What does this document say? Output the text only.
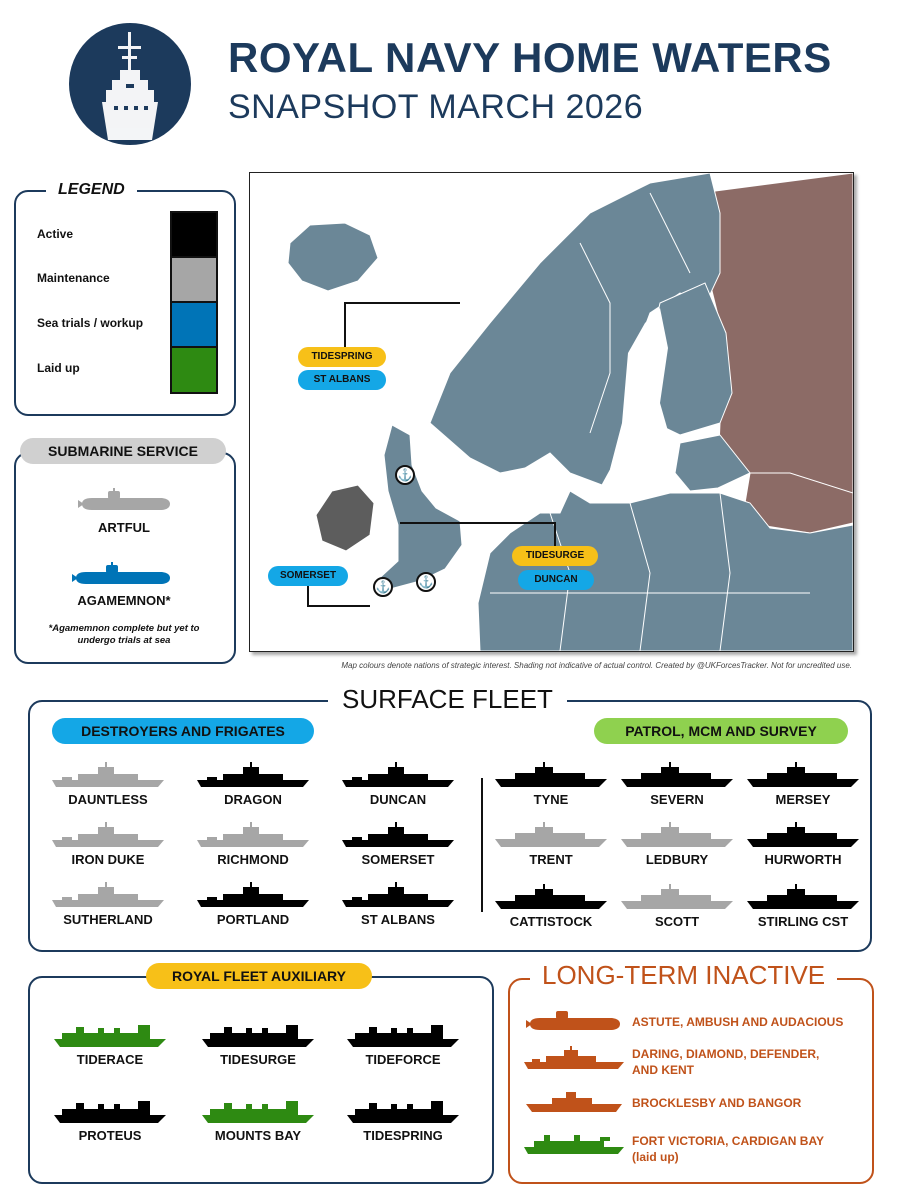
ROYAL NAVY HOME WATERS
SNAPSHOT MARCH 2026
LEGEND
Active
Maintenance
Sea trials / workup
Laid up
SUBMARINE SERVICE
ARTFUL
AGAMEMNON*
*Agamemnon complete but yet to undergo trials at sea
⚓
⚓ ⚓
TIDESPRING
ST ALBANS
SOMERSET
TIDESURGE
DUNCAN
Map colours denote nations of strategic interest. Shading not indicative of actual control. Created by @UKForcesTracker. Not for uncredited use.
SURFACE FLEET
DESTROYERS AND FRIGATES	PATROL, MCM AND SURVEY
DAUNTLESS	DRAGON	DUNCAN
IRON DUKE	RICHMOND	SOMERSET
SUTHERLAND	PORTLAND	ST ALBANS
TYNE	SEVERN	MERSEY
TRENT	LEDBURY	HURWORTH
CATTISTOCK	SCOTT	STIRLING CST
ROYAL FLEET AUXILIARY
TIDERACE	TIDESURGE	TIDEFORCE
PROTEUS	MOUNTS BAY	TIDESPRING
LONG-TERM INACTIVE
ASTUTE, AMBUSH AND AUDACIOUS
DARING, DIAMOND, DEFENDER,
AND KENT
BROCKLESBY AND BANGOR
FORT VICTORIA, CARDIGAN BAY
(laid up)
